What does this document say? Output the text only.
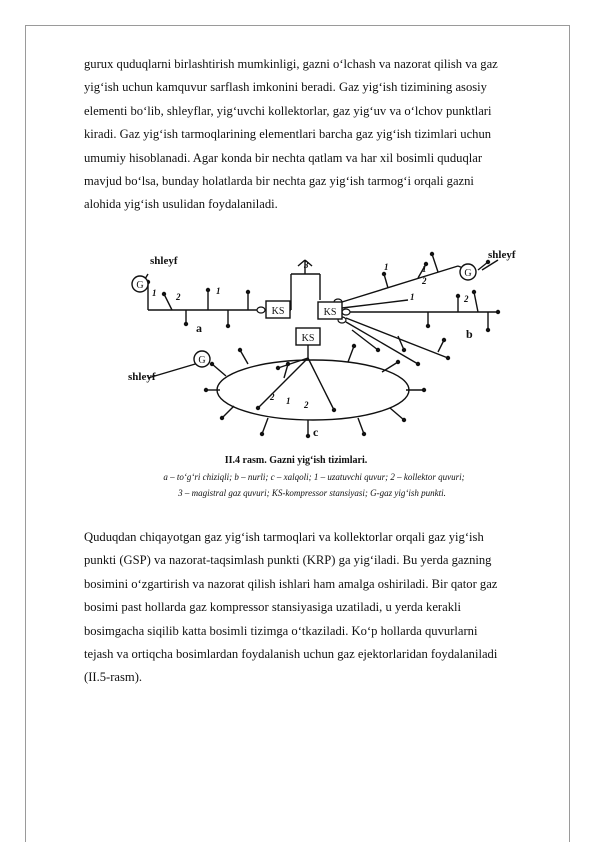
gurux quduqlarni birlashtirish mumkinligi, gazni o‘lchash va nazorat qilish va gaz
yig‘ish uchun kamquvur sarflash imkonini beradi. Gaz yig‘ish tizimining asosiy
elementi bo‘lib, shleyflar, yig‘uvchi kollektorlar, gaz yig‘uv va o‘lchov punktlari
kiradi. Gaz yig‘ish tarmoqlarining elementlari barcha gaz yig‘ish tizimlari uchun
umumiy hisoblanadi. Agar konda bir nechta qatlam va har xil bosimli quduqlar
mavjud bo‘lsa, bunday holatlarda bir nechta gaz yig‘ish tarmog‘i orqali gazni
alohida yig‘ish usulidan foydalaniladi.
KS	KS
KS
G
G
G
shleyf	shleyf
shleyf
a	b
c
1 2
1
3	1	1
2
1	2
1 2
2
II.4 rasm. Gazni yig‘ish tizimlari.
a – to‘g‘ri chiziqli; b – nurli; c – xalqoli; 1 – uzatuvchi quvur; 2 – kollektor quvuri;
3 – magistral gaz quvuri; KS-kompressor stansiyasi; G-gaz yig‘ish punkti.
Quduqdan chiqayotgan gaz yig‘ish tarmoqlari va kollektorlar orqali gaz yig‘ish
punkti (GSP) va nazorat-taqsimlash punkti (KRP) ga yig‘iladi. Bu yerda gazning
bosimini o‘zgartirish va nazorat qilish ishlari ham amalga oshiriladi. Bir qator gaz
bosimi past hollarda gaz kompressor stansiyasiga uzatiladi, u yerda kerakli
bosimgacha siqilib katta bosimli tizimga o‘tkaziladi. Ko‘p hollarda quvurlarni
tejash va ortiqcha bosimlardan foydalanish uchun gaz ejektorlaridan foydalaniladi
(II.5-rasm).
